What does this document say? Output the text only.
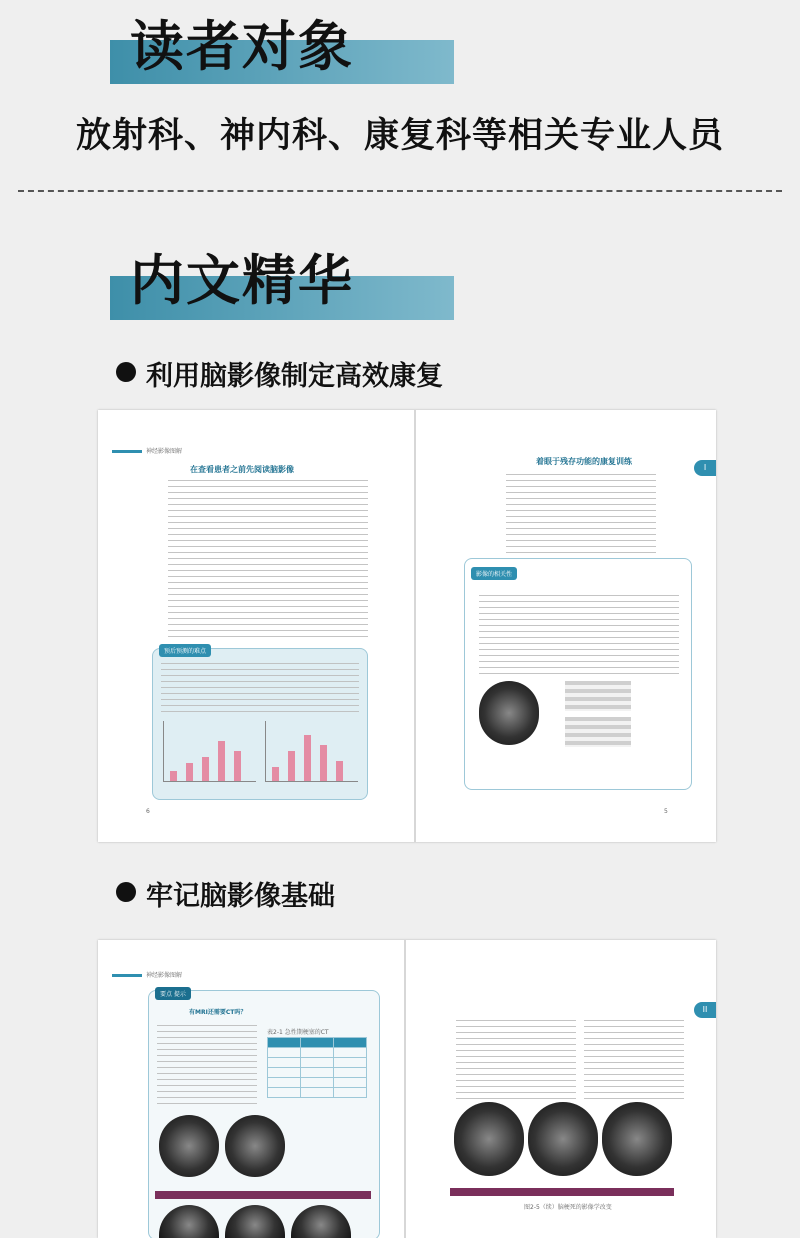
读者对象
放射科、神内科、康复科等相关专业人员
内文精华
利用脑影像制定高效康复
神经影像图解
在查看患者之前先阅读脑影像
预后预测的难点
6
I
着眼于残存功能的康复训练
影像的相关性
5
牢记脑影像基础
神经影像图解
要点 提示
有MRI还需要CT吗？
表2-1 急性期梗塞的CT

II
图2-5（续）脑梗死的影像学改变
